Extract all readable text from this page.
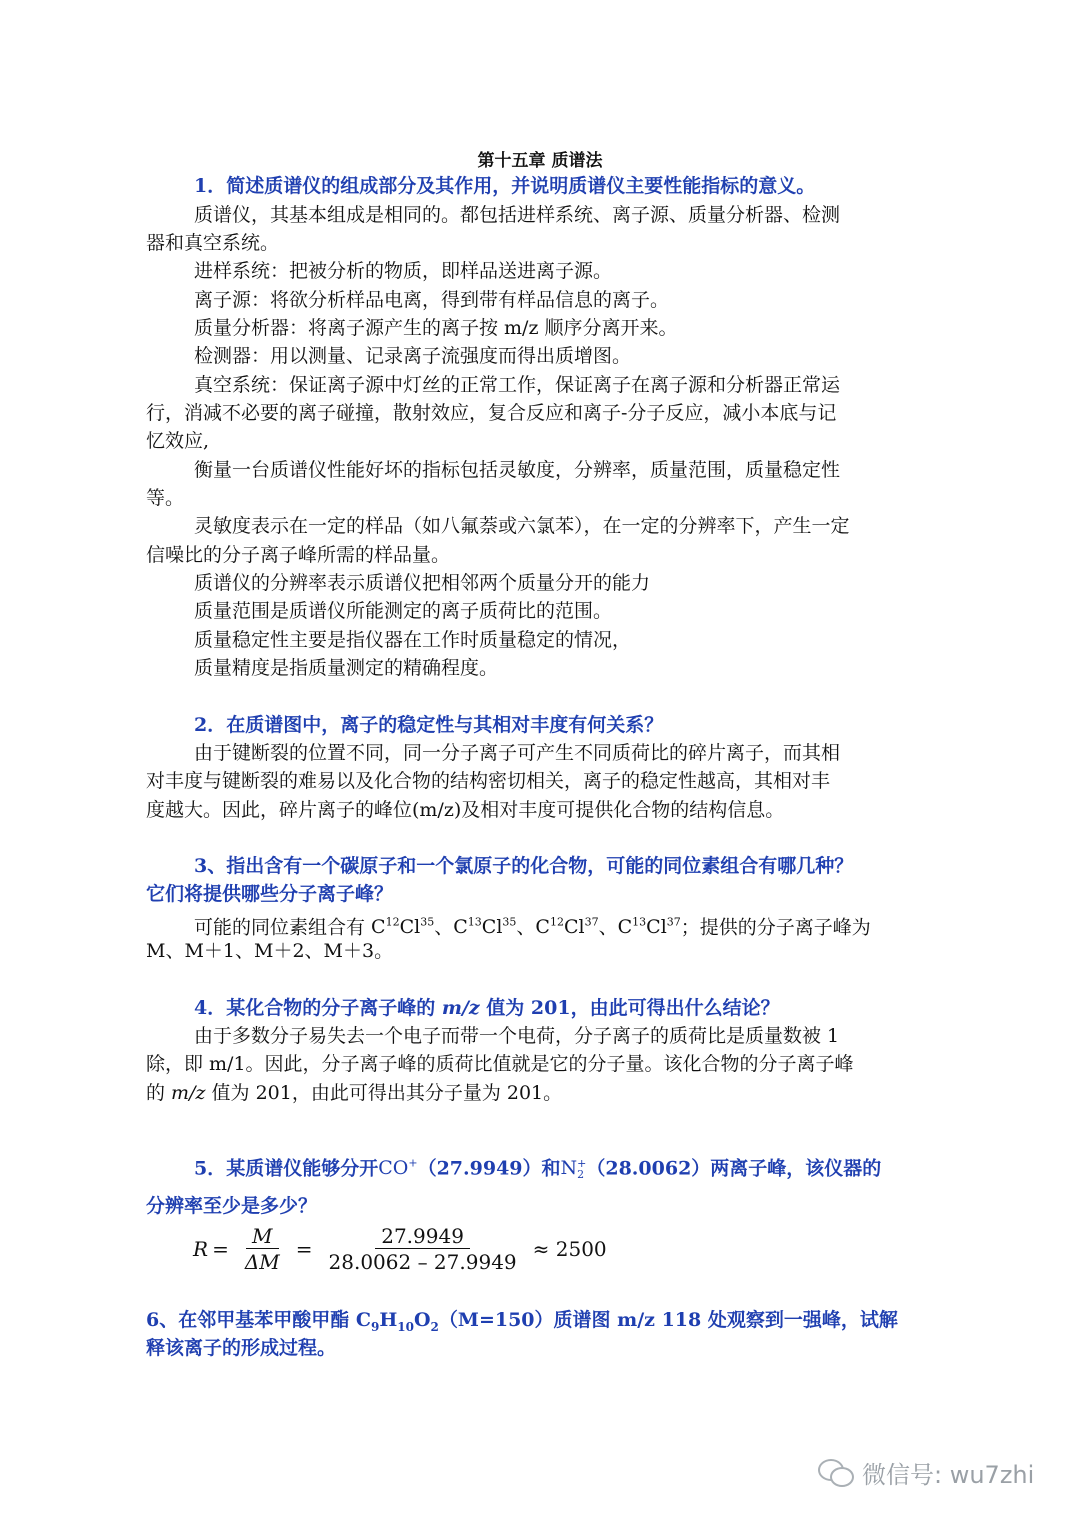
第十五章 质谱法
1．简述质谱仪的组成部分及其作用，并说明质谱仪主要性能指标的意义。
质谱仪，其基本组成是相同的。都包括进样系统、离子源、质量分析器、检测
器和真空系统。
进样系统：把被分析的物质，即样品送进离子源。
离子源：将欲分析样品电离，得到带有样品信息的离子。
质量分析器：将离子源产生的离子按 m/z 顺序分离开来。
检测器：用以测量、记录离子流强度而得出质增图。
真空系统：保证离子源中灯丝的正常工作，保证离子在离子源和分析器正常运
行，消减不必要的离子碰撞，散射效应，复合反应和离子-分子反应，减小本底与记
忆效应,
衡量一台质谱仪性能好坏的指标包括灵敏度，分辨率，质量范围，质量稳定性
等。
灵敏度表示在一定的样品（如八氟萘或六氯苯），在一定的分辨率下，产生一定
信噪比的分子离子峰所需的样品量。
质谱仪的分辨率表示质谱仪把相邻两个质量分开的能力
质量范围是质谱仪所能测定的离子质荷比的范围。
质量稳定性主要是指仪器在工作时质量稳定的情况，
质量精度是指质量测定的精确程度。
2．在质谱图中，离子的稳定性与其相对丰度有何关系？
由于键断裂的位置不同，同一分子离子可产生不同质荷比的碎片离子，而其相
对丰度与键断裂的难易以及化合物的结构密切相关，离子的稳定性越高，其相对丰
度越大。因此，碎片离子的峰位(m/z)及相对丰度可提供化合物的结构信息。
3、指出含有一个碳原子和一个氯原子的化合物，可能的同位素组合有哪几种？
它们将提供哪些分子离子峰？
可能的同位素组合有 $C^{12}Cl^{35}$、$C^{13}Cl^{35}$、$C^{12}Cl^{37}$、$C^{13}Cl^{37}$；提供的分子离子峰为
M、M＋1、M＋2、M＋3。
4．某化合物的分子离子峰的 m/z 值为 201，由此可得出什么结论？
由于多数分子易失去一个电子而带一个电荷，分子离子的质荷比是质量数被 1
除，即 m/1。因此，分子离子峰的质荷比值就是它的分子量。该化合物的分子离子峰
的 m/z 值为 201，由此可得出其分子量为 201。
5．某质谱仪能够分开CO+（27.9949）和N +
2 （28.0062）两离子峰，该仪器的
分辨率至少是多少？
$R = \frac{M}{\Delta M} = \frac{27.9949}{28.0062 - 27.9949} \approx 2500$
6、在邻甲基苯甲酸甲酯 $C_9H_{10}O_2(M=150)$质谱图 m/z 118 处观察到一强峰，试解
释该离子的形成过程。
微信号: wu7zhi
